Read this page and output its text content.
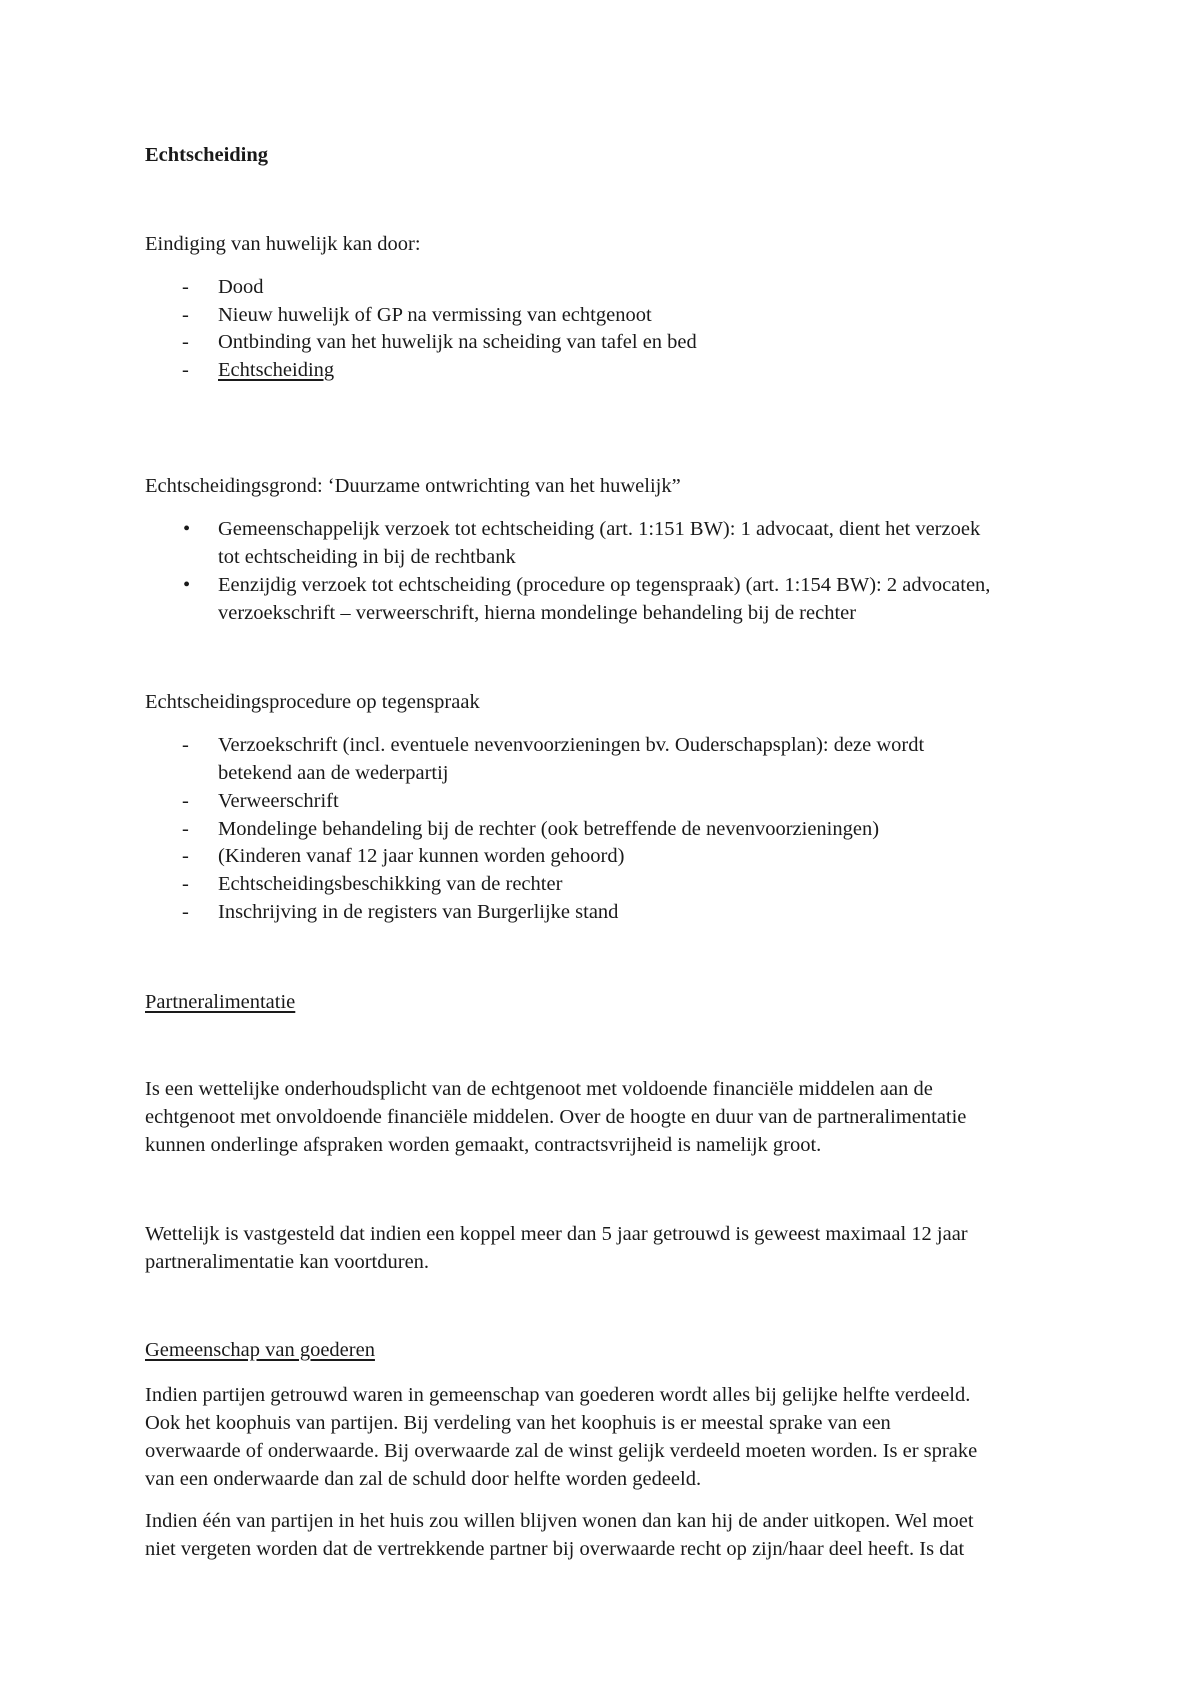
Echtscheiding
Eindiging van huwelijk kan door:
- Dood
- Nieuw huwelijk of GP na vermissing van echtgenoot
- Ontbinding van het huwelijk na scheiding van tafel en bed
- Echtscheiding
Echtscheidingsgrond: ‘Duurzame ontwrichting van het huwelijk”
• Gemeenschappelijk verzoek tot echtscheiding (art. 1:151 BW): 1 advocaat, dient het verzoek
tot echtscheiding in bij de rechtbank
• Eenzijdig verzoek tot echtscheiding (procedure op tegenspraak) (art. 1:154 BW): 2 advocaten,
verzoekschrift – verweerschrift, hierna mondelinge behandeling bij de rechter
Echtscheidingsprocedure op tegenspraak
- Verzoekschrift (incl. eventuele nevenvoorzieningen bv. Ouderschapsplan): deze wordt
betekend aan de wederpartij
- Verweerschrift
- Mondelinge behandeling bij de rechter (ook betreffende de nevenvoorzieningen)
- (Kinderen vanaf 12 jaar kunnen worden gehoord)
- Echtscheidingsbeschikking van de rechter
- Inschrijving in de registers van Burgerlijke stand
Partneralimentatie
Is een wettelijke onderhoudsplicht van de echtgenoot met voldoende financiële middelen aan de
echtgenoot met onvoldoende financiële middelen. Over de hoogte en duur van de partneralimentatie
kunnen onderlinge afspraken worden gemaakt, contractsvrijheid is namelijk groot.
Wettelijk is vastgesteld dat indien een koppel meer dan 5 jaar getrouwd is geweest maximaal 12 jaar
partneralimentatie kan voortduren.
Gemeenschap van goederen
Indien partijen getrouwd waren in gemeenschap van goederen wordt alles bij gelijke helfte verdeeld.
Ook het koophuis van partijen. Bij verdeling van het koophuis is er meestal sprake van een
overwaarde of onderwaarde. Bij overwaarde zal de winst gelijk verdeeld moeten worden. Is er sprake
van een onderwaarde dan zal de schuld door helfte worden gedeeld.
Indien één van partijen in het huis zou willen blijven wonen dan kan hij de ander uitkopen. Wel moet
niet vergeten worden dat de vertrekkende partner bij overwaarde recht op zijn/haar deel heeft. Is dat
